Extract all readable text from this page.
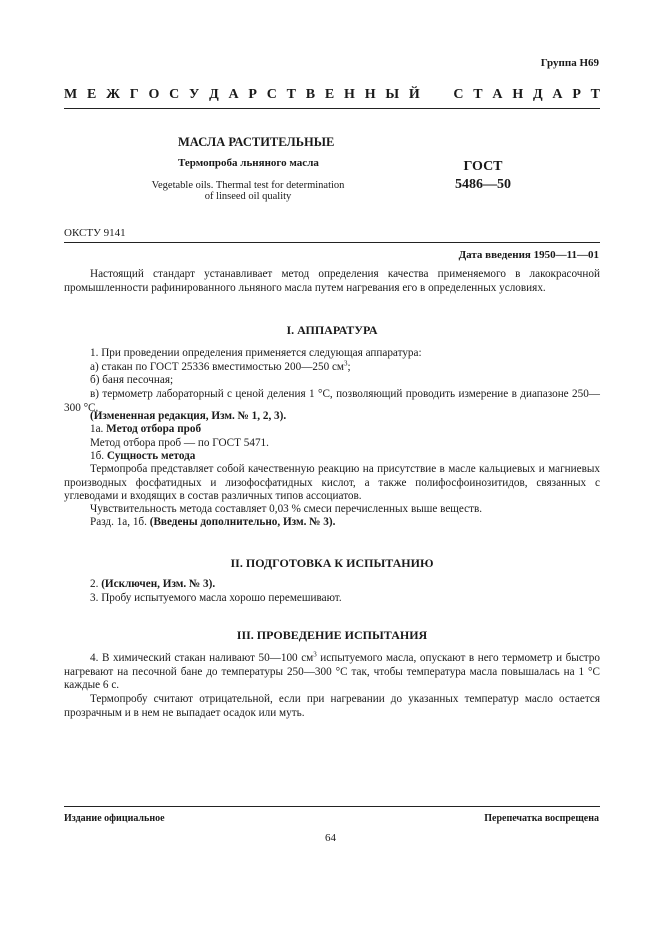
Группа Н69
М Е Ж Г О С У Д А Р С Т В Е Н Н Ы Й С Т А Н Д А Р Т
МАСЛА РАСТИТЕЛЬНЫЕ
Термопроба льняного масла
Vegetable oils. Thermal test for determination
of linseed oil quality
ГОСТ
5486—50
ОКСТУ 9141
Дата введения 1950—11—01
Настоящий стандарт устанавливает метод определения качества применяемого в лакокрасочной промышленности рафинированного льняного масла путем нагревания его в определенных условиях.
I. АППАРАТУРА
1. При проведении определения применяется следующая аппаратура:
а) стакан по ГОСТ 25336 вместимостью 200—250 $см^3$;
б) баня песочная;
в) термометр лабораторный с ценой деления 1 °С, позволяющий проводить измерение в диапазоне 250—300 °С.
(Измененная редакция, Изм. № 1, 2, 3).
1а. Метод отбора проб
Метод отбора проб — по ГОСТ 5471.
1б. Сущность метода
Термопроба представляет собой качественную реакцию на присутствие в масле кальциевых и магниевых производных фосфатидных и лизофосфатидных кислот, а также полифосфоинозитидов, связанных с углеводами и входящих в состав различных типов ассоциатов.
Чувствительность метода составляет 0,03 % смеси перечисленных выше веществ.
Разд. 1а, 1б. (Введены дополнительно, Изм. № 3).
II. ПОДГОТОВКА К ИСПЫТАНИЮ
2. (Исключен, Изм. № 3).
3. Пробу испытуемого масла хорошо перемешивают.
III. ПРОВЕДЕНИЕ ИСПЫТАНИЯ
4. В химический стакан наливают 50—100 $см^3$ испытуемого масла, опускают в него термометр и быстро нагревают на песочной бане до температуры 250—300 °С так, чтобы температура масла повышалась на 1 °С каждые 6 с.
Термопробу считают отрицательной, если при нагревании до указанных температур масло остается прозрачным и в нем не выпадает осадок или муть.
Издание официальное	Перепечатка воспрещена
64
